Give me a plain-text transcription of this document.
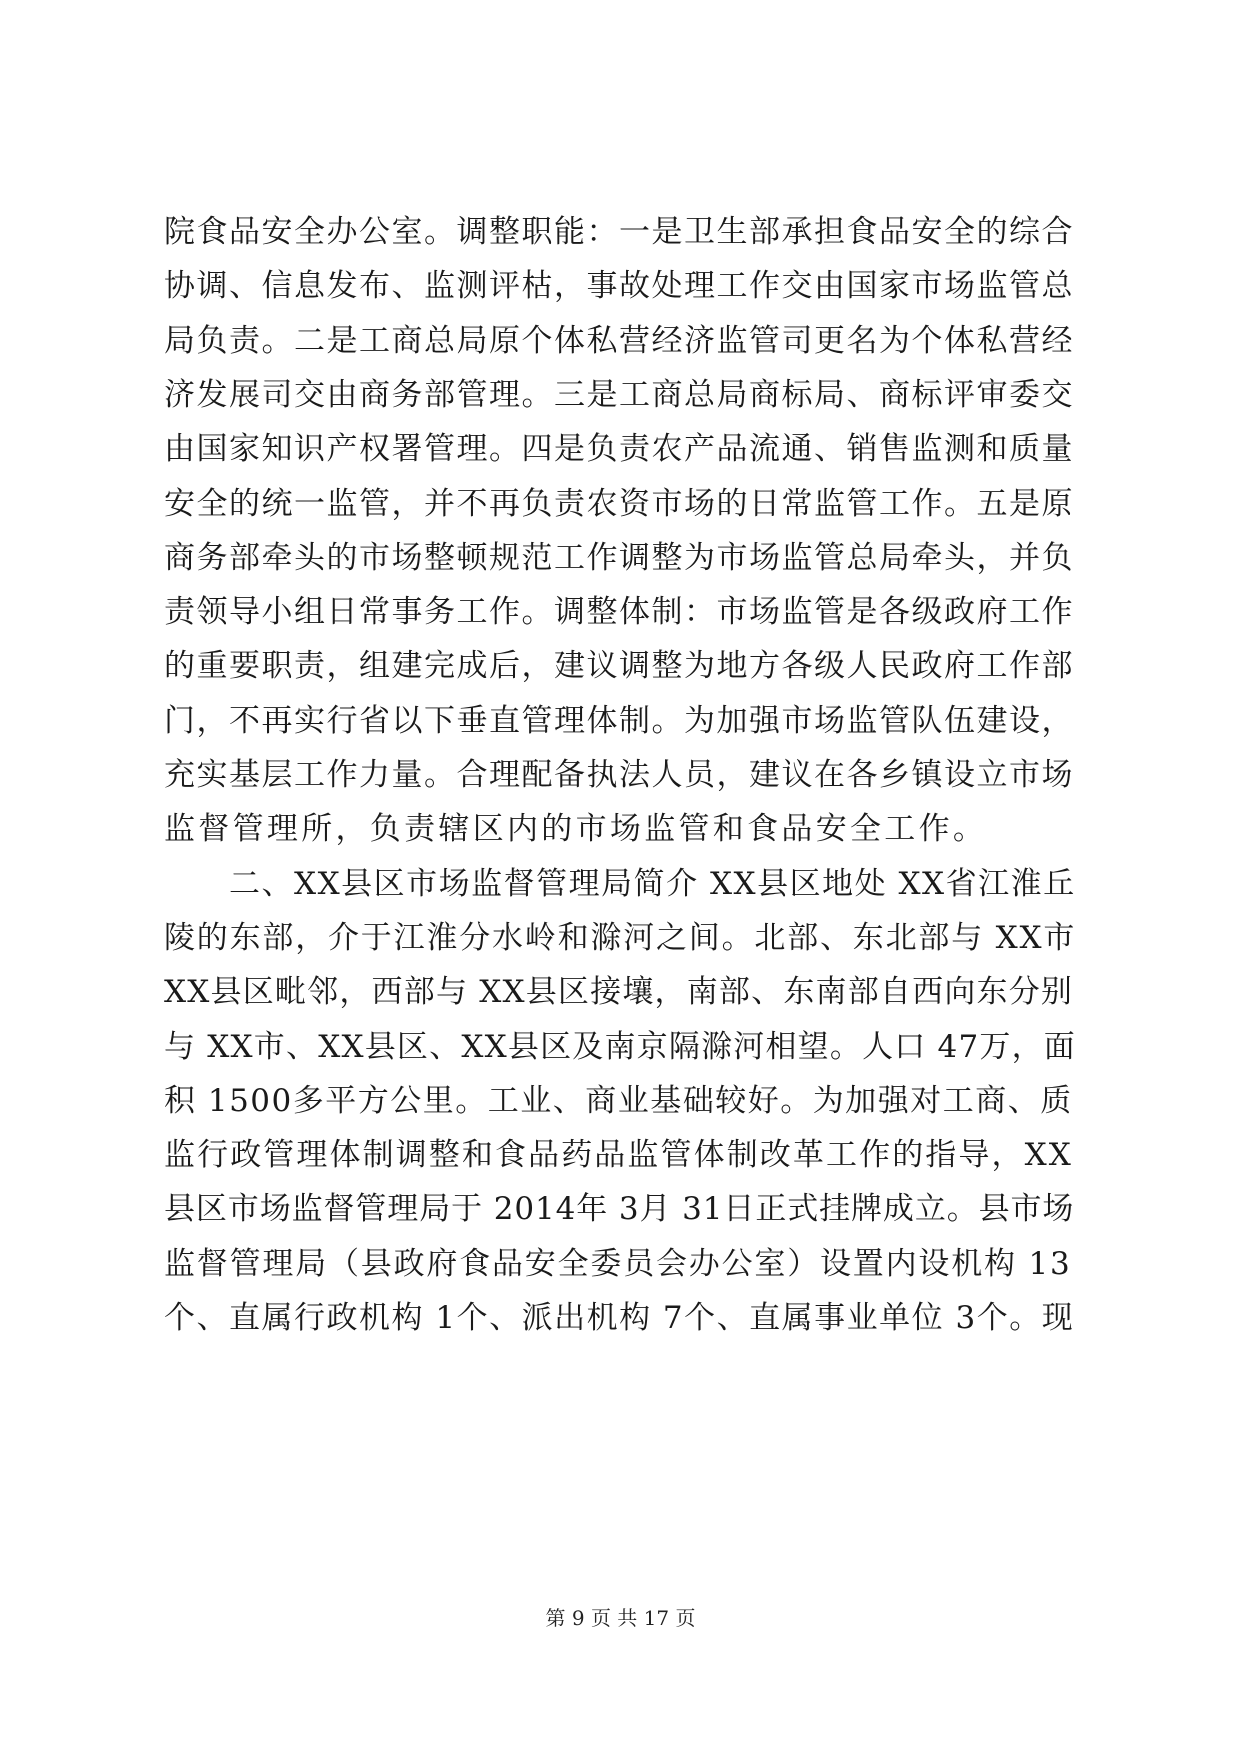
院食品安全办公室。调整职能：一是卫生部承担食品安全的综合
协调、信息发布、监测评枯，事故处理工作交由国家市场监管总
局负责。二是工商总局原个体私营经济监管司更名为个体私营经
济发展司交由商务部管理。三是工商总局商标局、商标评审委交
由国家知识产权署管理。四是负责农产品流通、销售监测和质量
安全的统一监管，并不再负责农资市场的日常监管工作。五是原
商务部牵头的市场整顿规范工作调整为市场监管总局牵头，并负
责领导小组日常事务工作。调整体制：市场监管是各级政府工作
的重要职责，组建完成后，建议调整为地方各级人民政府工作部
门，不再实行省以下垂直管理体制。为加强市场监管队伍建设，
充实基层工作力量。合理配备执法人员，建议在各乡镇设立市场
监督管理所，负责辖区内的市场监管和食品安全工作。
　　二、XX县区市场监督管理局简介 XX县区地处 XX省江淮丘
陵的东部，介于江淮分水岭和滁河之间。北部、东北部与 XX市
XX县区毗邻，西部与 XX县区接壤，南部、东南部自西向东分别
与 XX市、XX县区、XX县区及南京隔滁河相望。人口 47万，面
积 1500多平方公里。工业、商业基础较好。为加强对工商、质
监行政管理体制调整和食品药品监管体制改革工作的指导，XX
县区市场监督管理局于 2014年 3月 31日正式挂牌成立。县市场
监督管理局（县政府食品安全委员会办公室）设置内设机构 13
个、直属行政机构 1个、派出机构 7个、直属事业单位 3个。现
第 9 页 共 17 页
